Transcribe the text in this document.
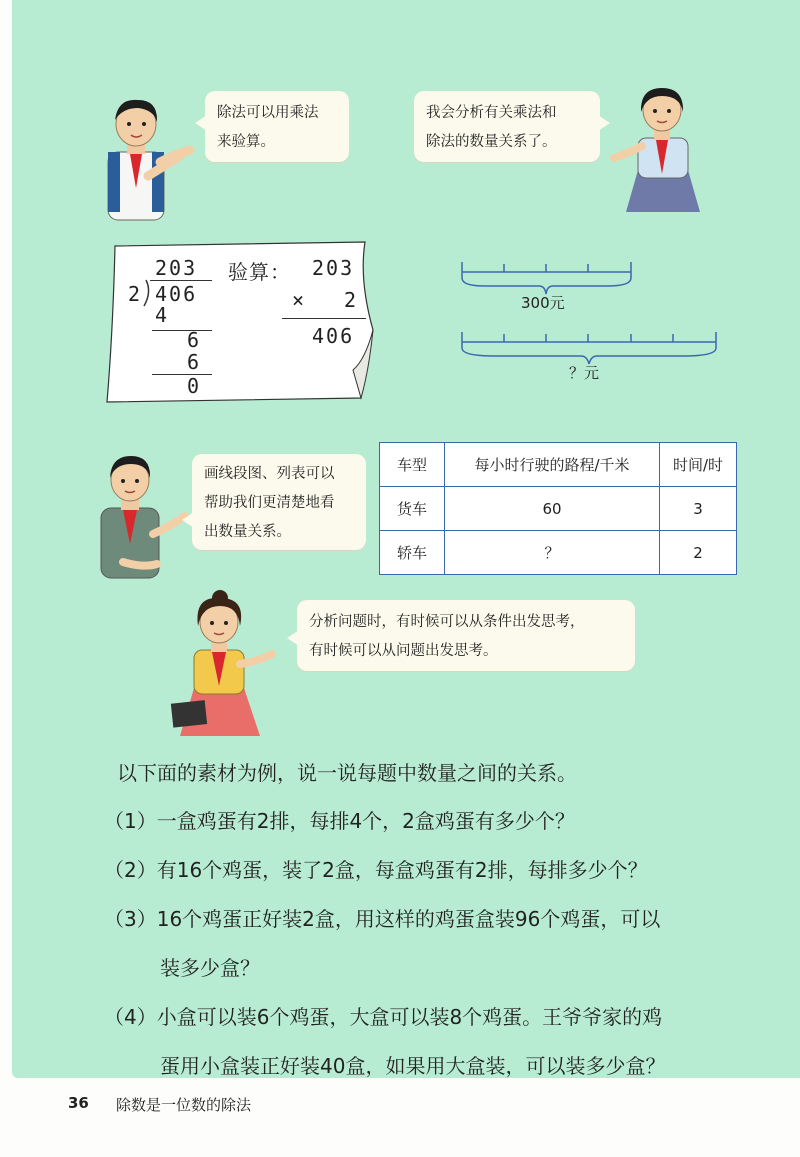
除法可以用乘法
来验算。
我会分析有关乘法和
除法的数量关系了。
203
2 406
4
6
6
0
验算： 203
× 2
406
300元
？元
画线段图、列表可以
帮助我们更清楚地看
出数量关系。
车型	每小时行驶的路程/千米	时间/时
货车	60	3
轿车	？	2
分析问题时，有时候可以从条件出发思考，
有时候可以从问题出发思考。
以下面的素材为例，说一说每题中数量之间的关系。
（1）一盒鸡蛋有2排，每排4个，2盒鸡蛋有多少个？
（2）有16个鸡蛋，装了2盒，每盒鸡蛋有2排，每排多少个？
（3）16个鸡蛋正好装2盒，用这样的鸡蛋盒装96个鸡蛋，可以
装多少盒？
（4）小盒可以装6个鸡蛋，大盒可以装8个鸡蛋。王爷爷家的鸡
蛋用小盒装正好装40盒，如果用大盒装，可以装多少盒？
36 除数是一位数的除法
